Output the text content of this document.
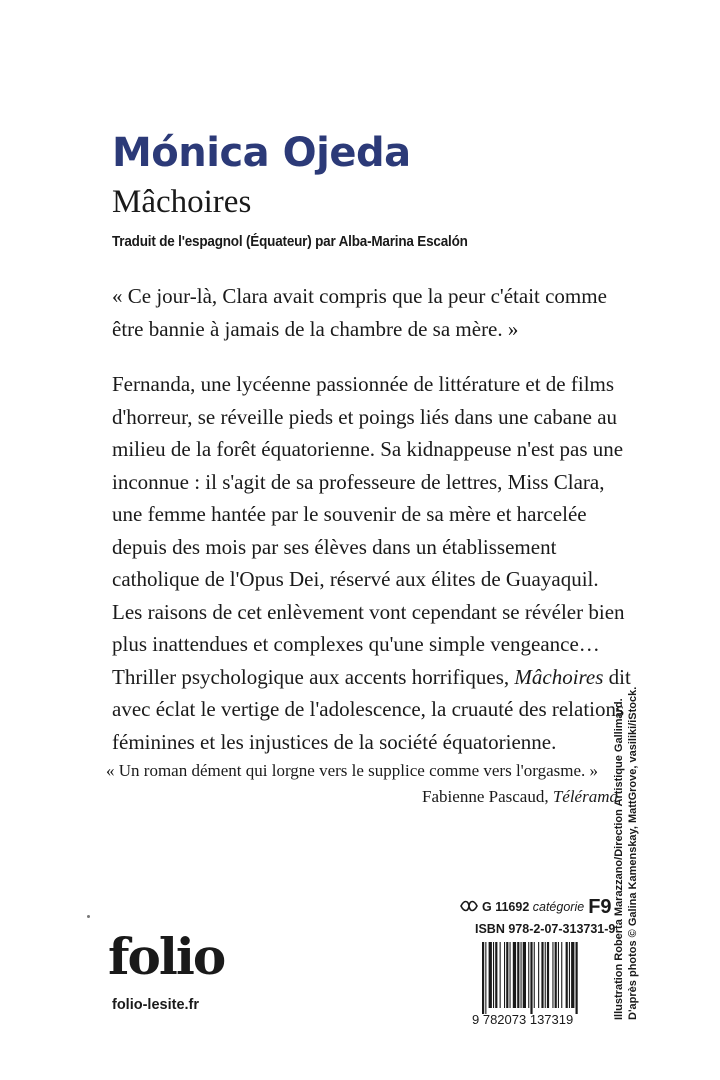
Mónica Ojeda
Mâchoires
Traduit de l'espagnol (Équateur) par Alba-Marina Escalón
« Ce jour-là, Clara avait compris que la peur c'était comme être bannie à jamais de la chambre de sa mère. »

Fernanda, une lycéenne passionnée de littérature et de films d'horreur, se réveille pieds et poings liés dans une cabane au milieu de la forêt équatorienne. Sa kidnappeuse n'est pas une inconnue : il s'agit de sa professeure de lettres, Miss Clara, une femme hantée par le souvenir de sa mère et harcelée depuis des mois par ses élèves dans un établissement catholique de l'Opus Dei, réservé aux élites de Guayaquil. Les raisons de cet enlèvement vont cependant se révéler bien plus inattendues et complexes qu'une simple vengeance…

Thriller psychologique aux accents horrifiques, Mâchoires dit avec éclat le vertige de l'adolescence, la cruauté des relations féminines et les injustices de la société équatorienne.

« Un roman dément qui lorgne vers le supplice comme vers l'orgasme. »
Fabienne Pascaud, Télérama
G 11692 catégorie F9
ISBN 978-2-07-313731-9
9 782073 137319
folio
folio-lesite.fr	Illustration Roberta Marazzano/Direction Artistique Gallimard. D'après photos © Galina Kamenskay, MattGrove, vasiliki/iStock.
